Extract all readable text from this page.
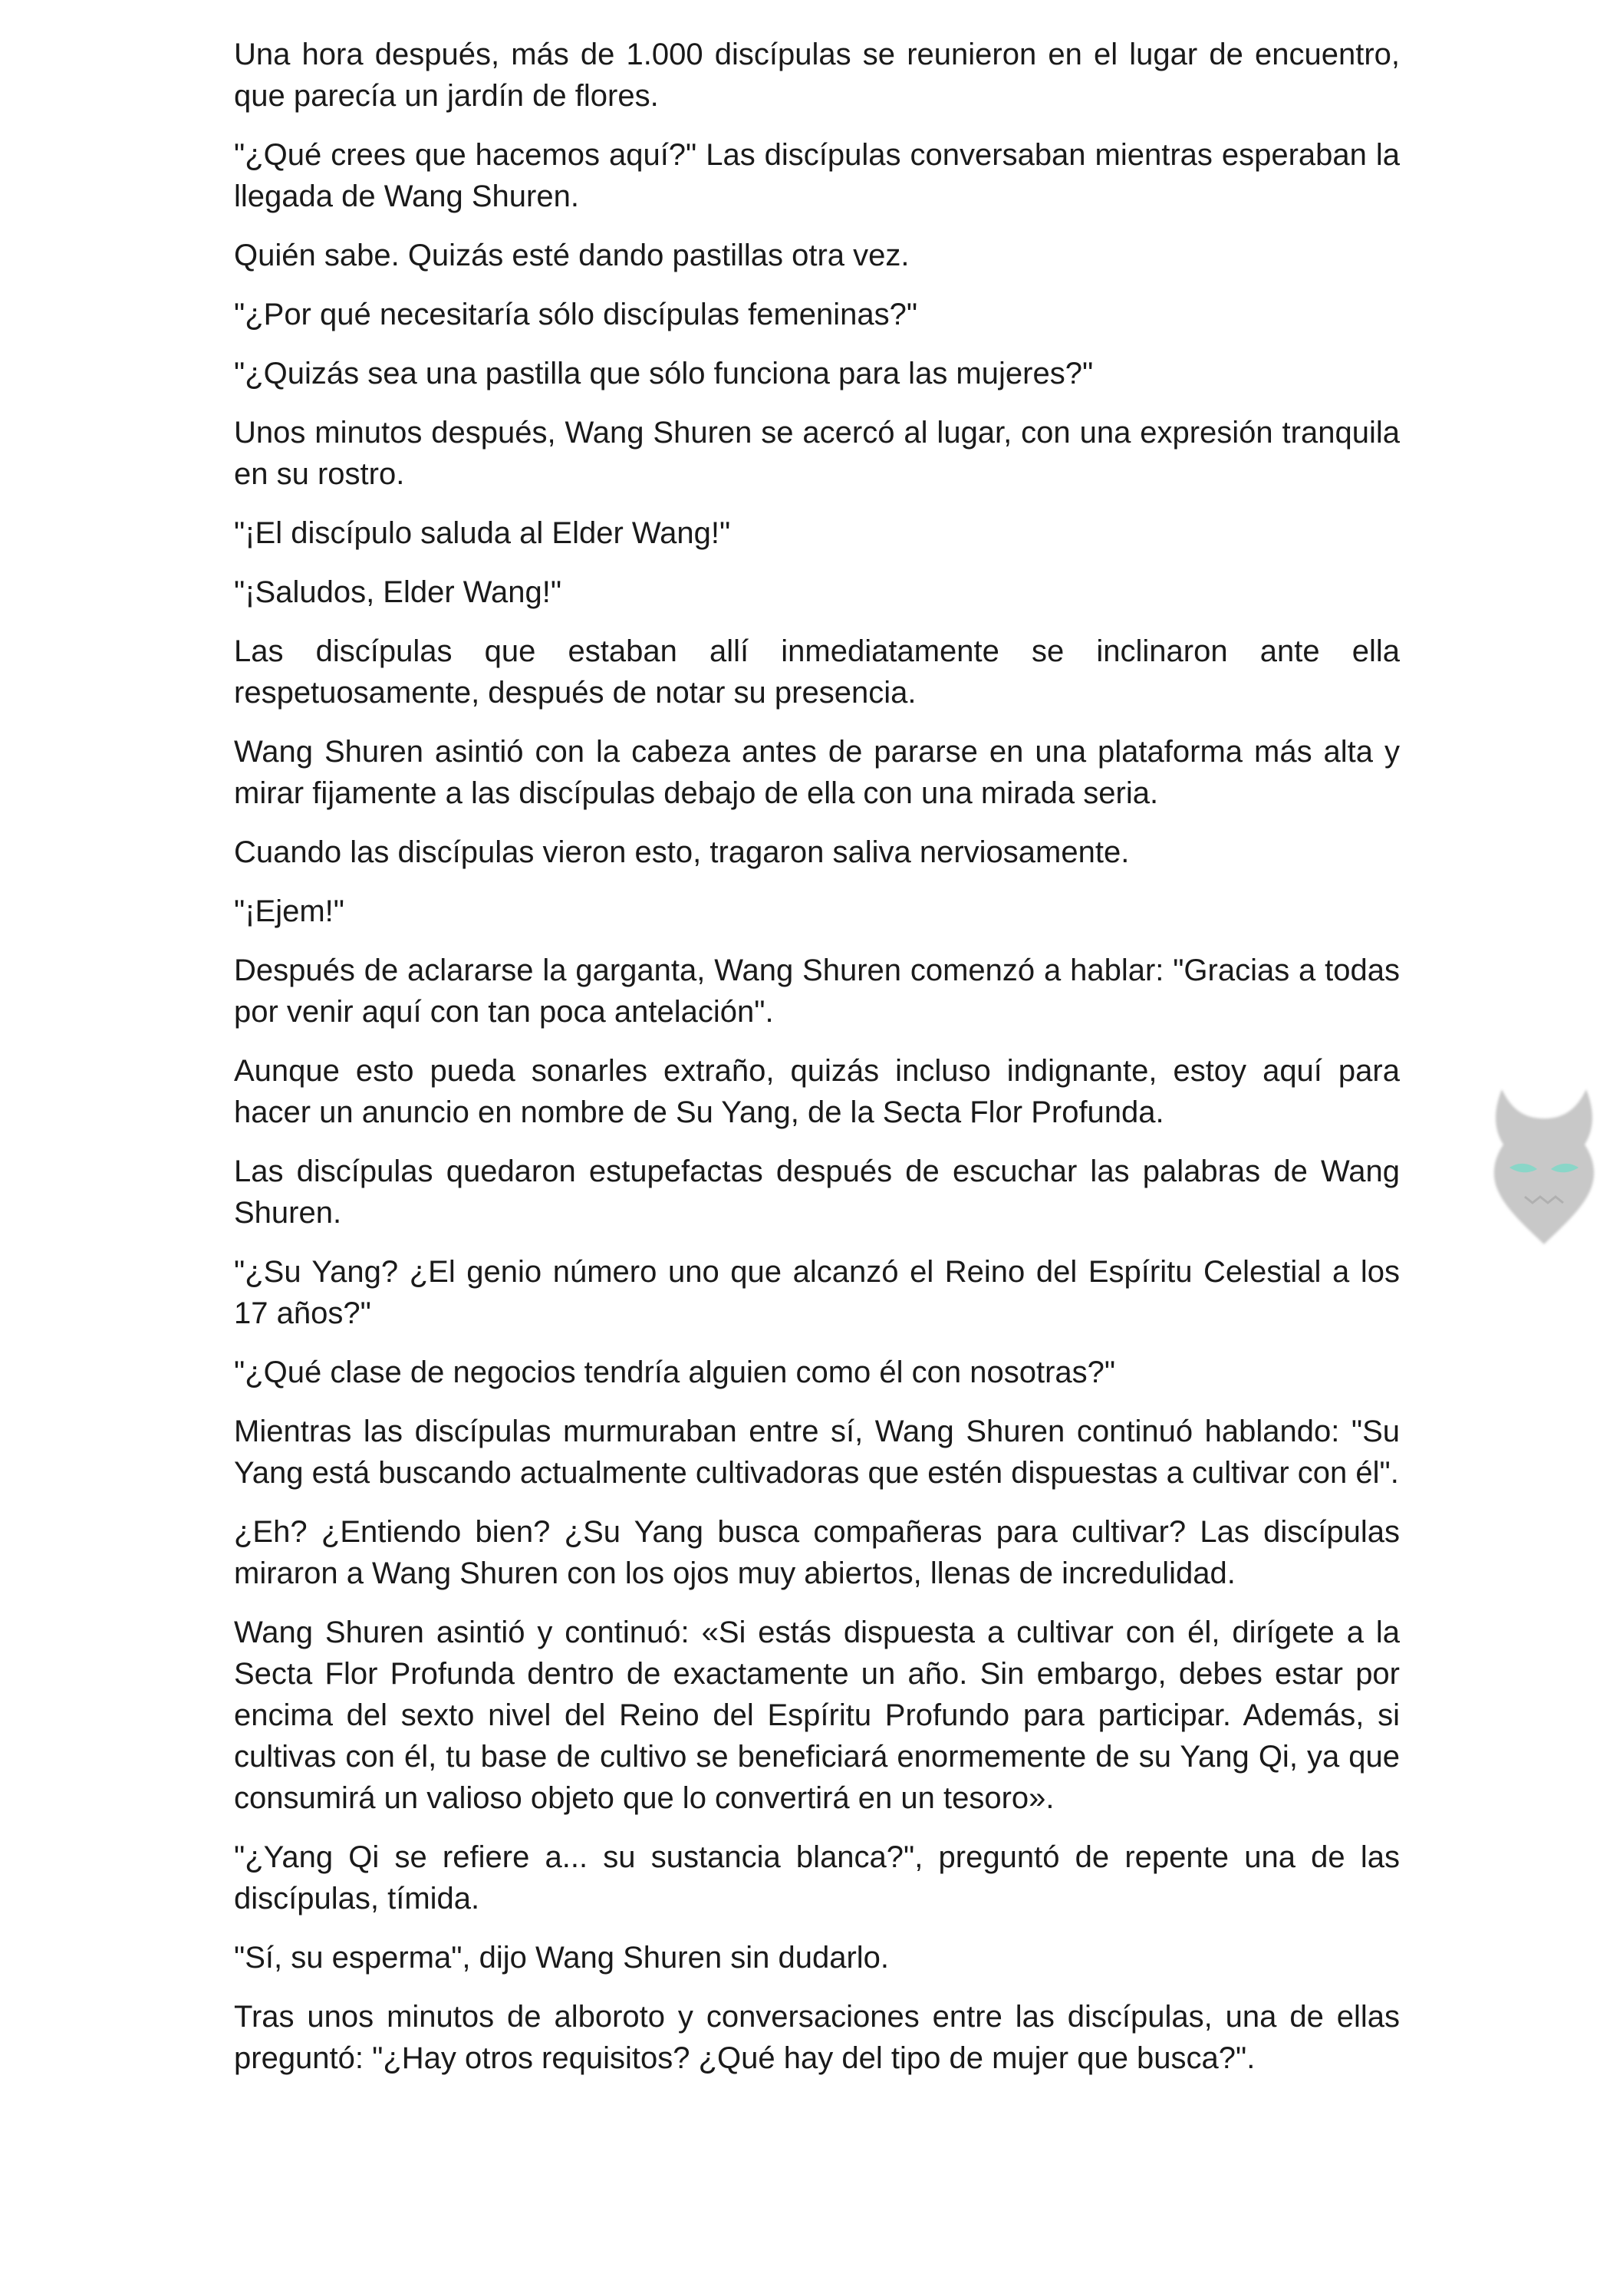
Una hora después, más de 1.000 discípulas se reunieron en el lugar de encuentro, que parecía un jardín de flores.

"¿Qué crees que hacemos aquí?" Las discípulas conversaban mientras esperaban la llegada de Wang Shuren.

Quién sabe. Quizás esté dando pastillas otra vez.

"¿Por qué necesitaría sólo discípulas femeninas?"

"¿Quizás sea una pastilla que sólo funciona para las mujeres?"

Unos minutos después, Wang Shuren se acercó al lugar, con una expresión tranquila en su rostro.

"¡El discípulo saluda al Elder Wang!"

"¡Saludos, Elder Wang!"

Las discípulas que estaban allí inmediatamente se inclinaron ante ella respetuosamente, después de notar su presencia.

Wang Shuren asintió con la cabeza antes de pararse en una plataforma más alta y mirar fijamente a las discípulas debajo de ella con una mirada seria.

Cuando las discípulas vieron esto, tragaron saliva nerviosamente.

"¡Ejem!"

Después de aclararse la garganta, Wang Shuren comenzó a hablar: "Gracias a todas por venir aquí con tan poca antelación".

Aunque esto pueda sonarles extraño, quizás incluso indignante, estoy aquí para hacer un anuncio en nombre de Su Yang, de la Secta Flor Profunda.

Las discípulas quedaron estupefactas después de escuchar las palabras de Wang Shuren.

"¿Su Yang? ¿El genio número uno que alcanzó el Reino del Espíritu Celestial a los 17 años?"

"¿Qué clase de negocios tendría alguien como él con nosotras?"

Mientras las discípulas murmuraban entre sí, Wang Shuren continuó hablando: "Su Yang está buscando actualmente cultivadoras que estén dispuestas a cultivar con él".

¿Eh? ¿Entiendo bien? ¿Su Yang busca compañeras para cultivar? Las discípulas miraron a Wang Shuren con los ojos muy abiertos, llenas de incredulidad.

Wang Shuren asintió y continuó: «Si estás dispuesta a cultivar con él, dirígete a la Secta Flor Profunda dentro de exactamente un año. Sin embargo, debes estar por encima del sexto nivel del Reino del Espíritu Profundo para participar. Además, si cultivas con él, tu base de cultivo se beneficiará enormemente de su Yang Qi, ya que consumirá un valioso objeto que lo convertirá en un tesoro».

"¿Yang Qi se refiere a... su sustancia blanca?", preguntó de repente una de las discípulas, tímida.

"Sí, su esperma", dijo Wang Shuren sin dudarlo.

Tras unos minutos de alboroto y conversaciones entre las discípulas, una de ellas preguntó: "¿Hay otros requisitos? ¿Qué hay del tipo de mujer que busca?".
